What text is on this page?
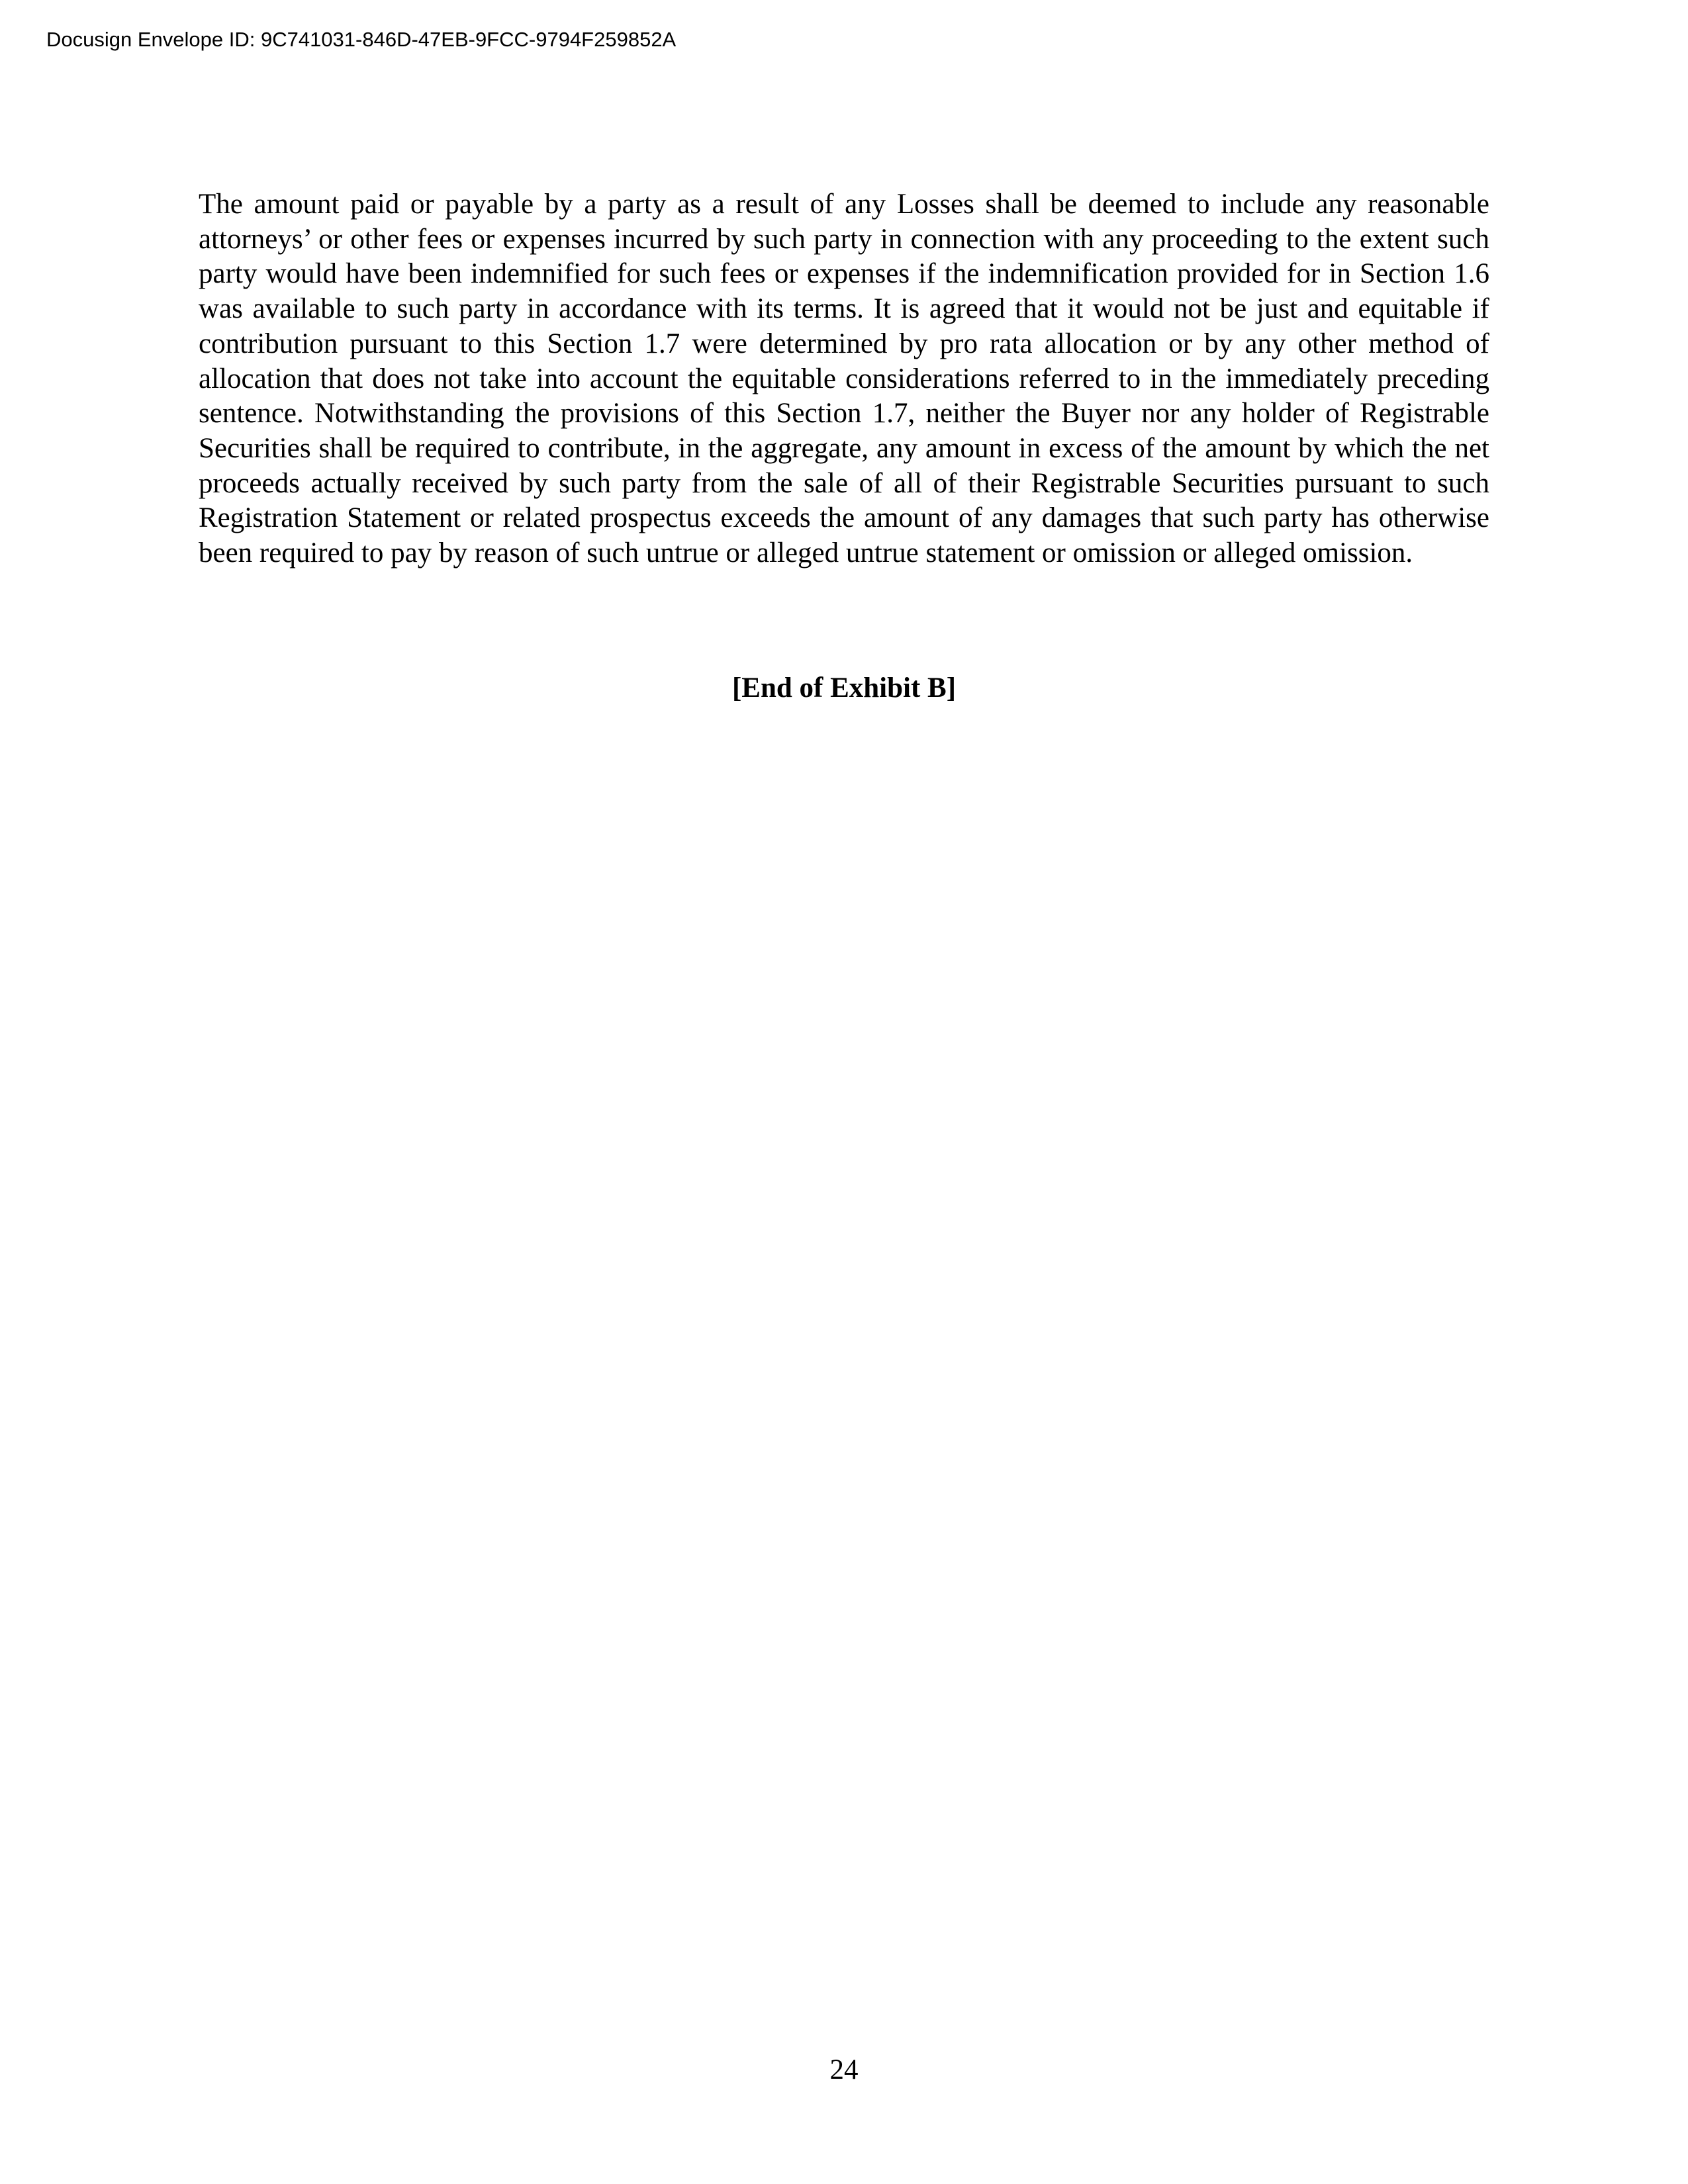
Docusign Envelope ID: 9C741031-846D-47EB-9FCC-9794F259852A

The amount paid or payable by a party as a result of any Losses shall be deemed to include any reasonable attorneys’ or other fees or expenses incurred by such party in connection with any proceeding to the extent such party would have been indemnified for such fees or expenses if the indemnification provided for in Section 1.6 was available to such party in accordance with its terms. It is agreed that it would not be just and equitable if contribution pursuant to this Section 1.7 were determined by pro rata allocation or by any other method of allocation that does not take into account the equitable considerations referred to in the immediately preceding sentence. Notwithstanding the provisions of this Section 1.7, neither the Buyer nor any holder of Registrable Securities shall be required to contribute, in the aggregate, any amount in excess of the amount by which the net proceeds actually received by such party from the sale of all of their Registrable Securities pursuant to such Registration Statement or related prospectus exceeds the amount of any damages that such party has otherwise been required to pay by reason of such untrue or alleged untrue statement or omission or alleged omission.

[End of Exhibit B]
24
